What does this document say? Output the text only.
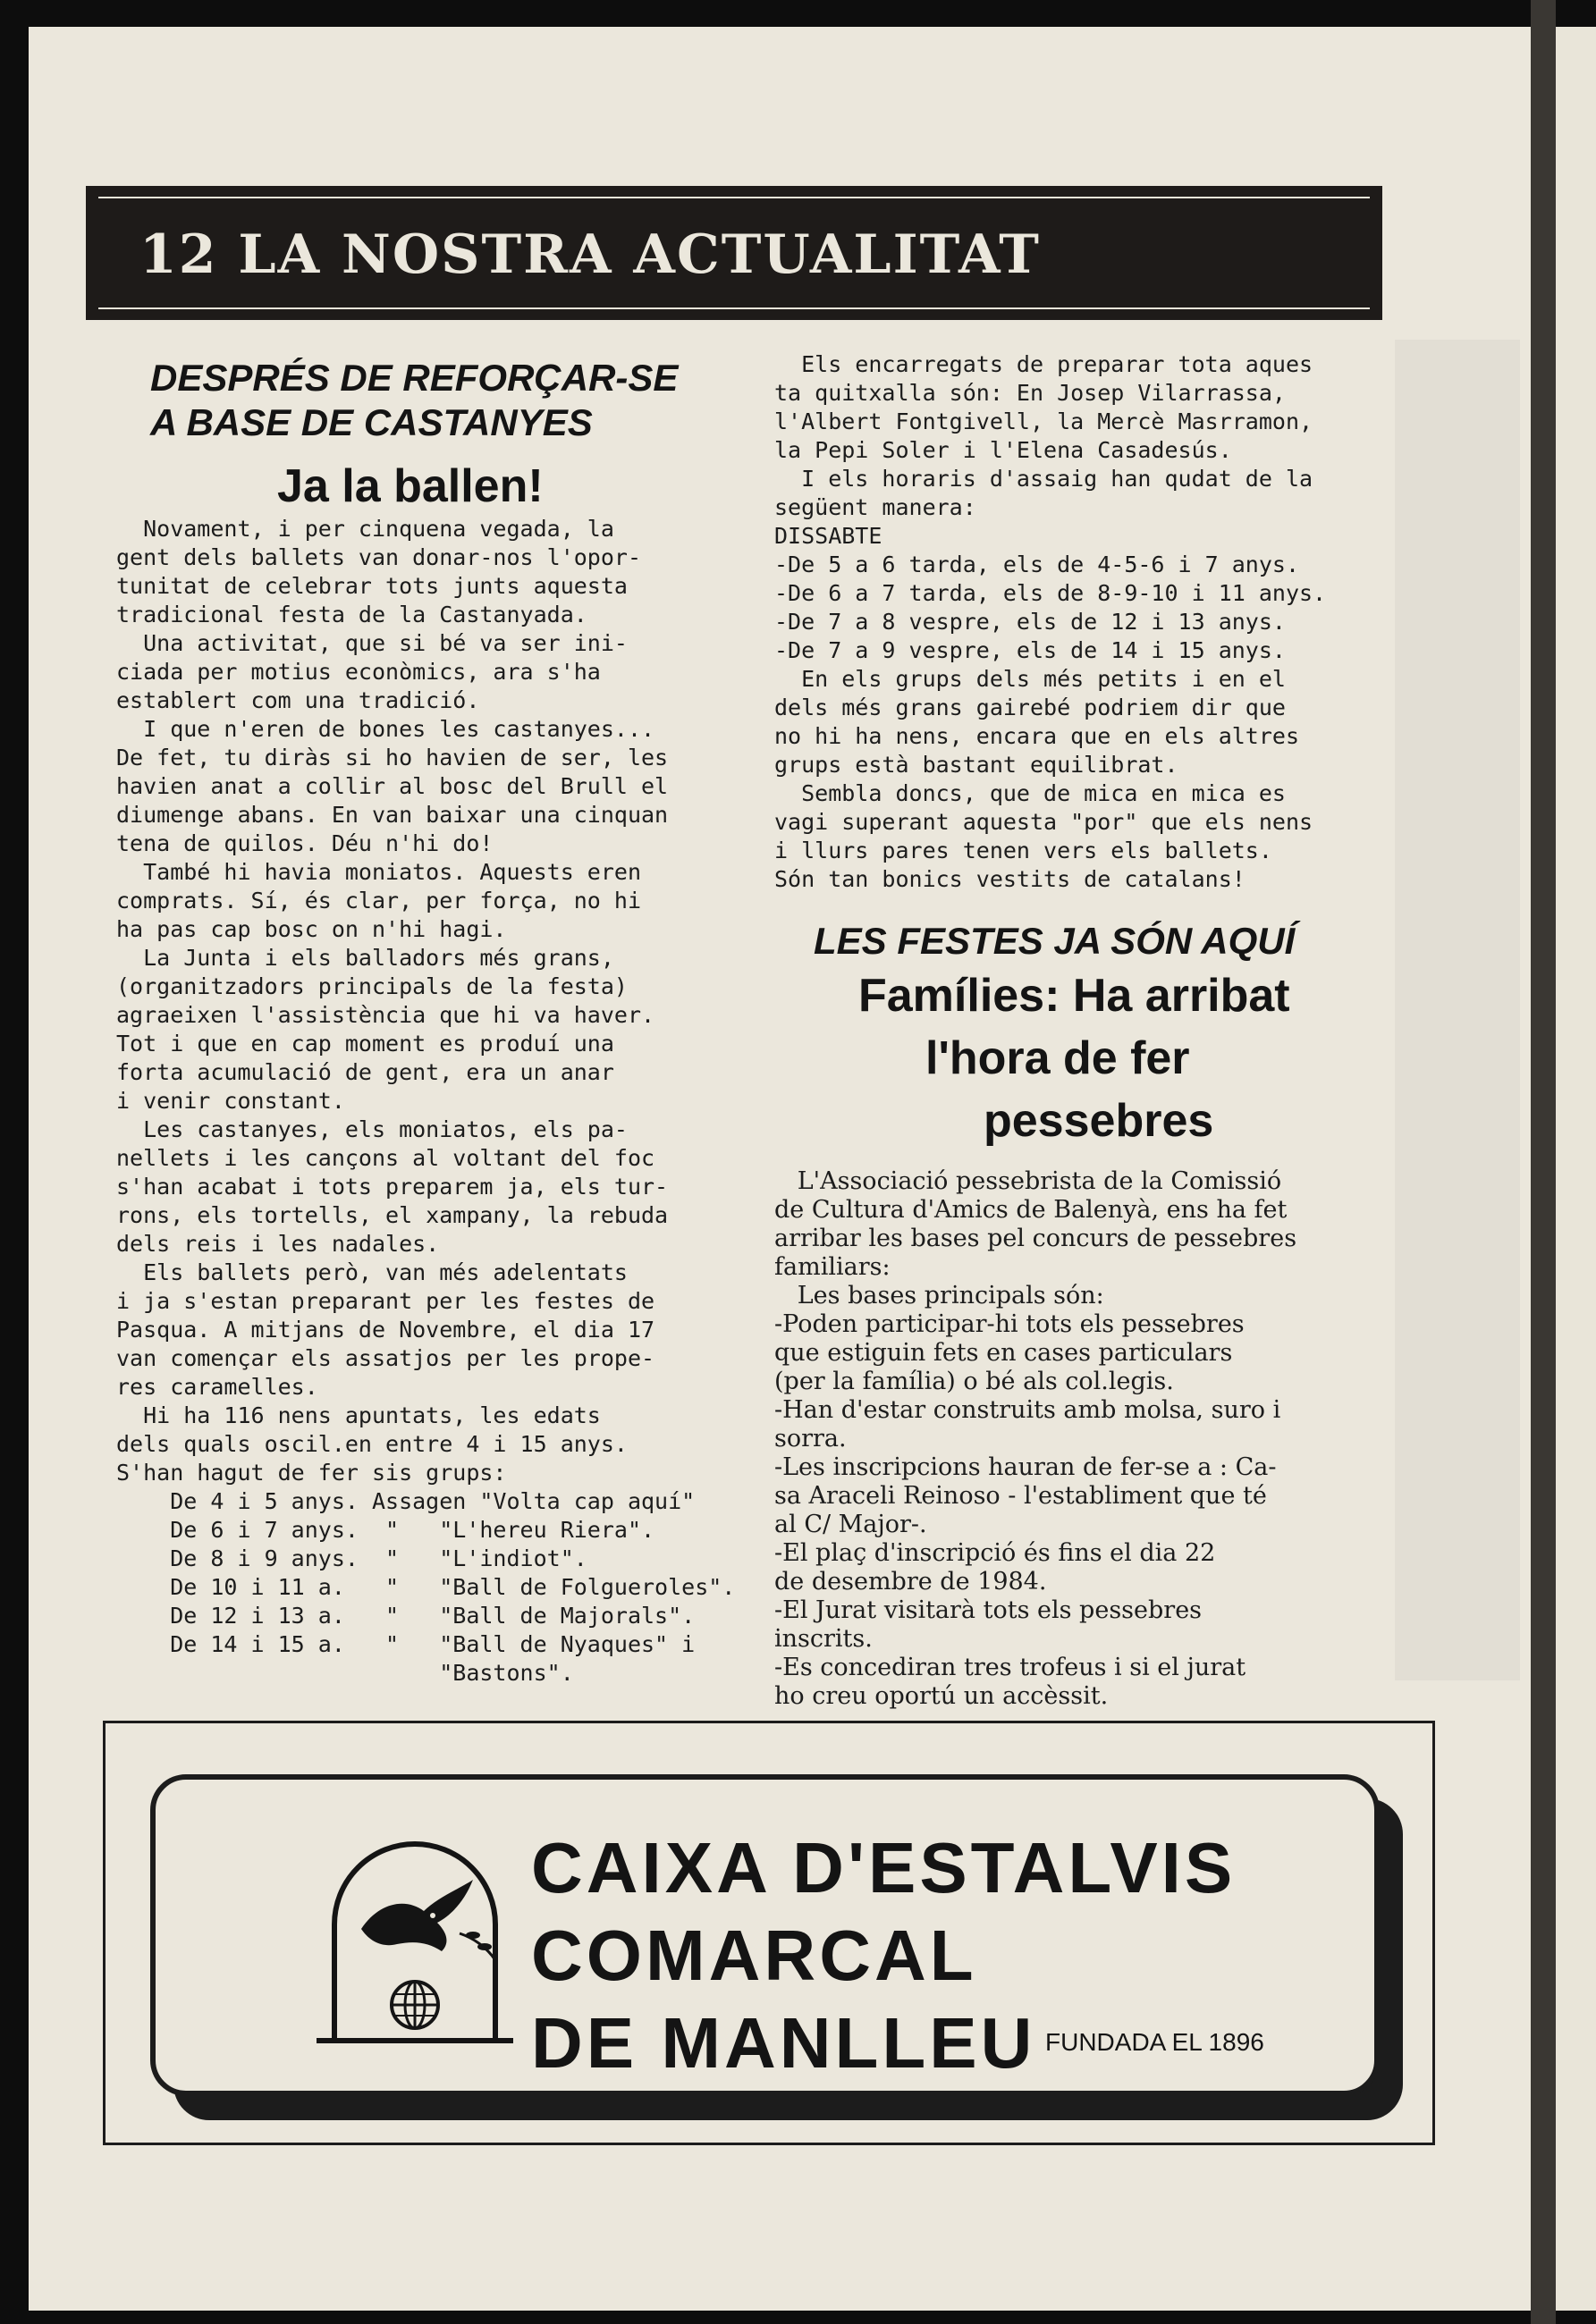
12 LA NOSTRA ACTUALITAT

DESPRÉS DE REFORÇAR-SE

A BASE DE CASTANYES

Ja la ballen!

Novament, i per cinquena vegada, la
gent dels ballets van donar-nos l'opor-
tunitat de celebrar tots junts aquesta
tradicional festa de la Castanyada.
Una activitat, que si bé va ser ini-
ciada per motius econòmics, ara s'ha
establert com una tradició.
I que n'eren de bones les castanyes...
De fet, tu diràs si ho havien de ser, les
havien anat a collir al bosc del Brull el
diumenge abans. En van baixar una cinquan
tena de quilos. Déu n'hi do!
També hi havia moniatos. Aquests eren
comprats. Sí, és clar, per força, no hi
ha pas cap bosc on n'hi hagi.
La Junta i els balladors més grans,
(organitzadors principals de la festa)
agraeixen l'assistència que hi va haver.
Tot i que en cap moment es produí una
forta acumulació de gent, era un anar
i venir constant.
Les castanyes, els moniatos, els pa-
nellets i les cançons al voltant del foc
s'han acabat i tots preparem ja, els tur-
rons, els tortells, el xampany, la rebuda
dels reis i les nadales.
Els ballets però, van més adelentats
i ja s'estan preparant per les festes de
Pasqua. A mitjans de Novembre, el dia 17
van començar els assatjos per les prope-
res caramelles.
Hi ha 116 nens apuntats, les edats
dels quals oscil.en entre 4 i 15 anys.
S'han hagut de fer sis grups:
De 4 i 5 anys. Assagen "Volta cap aquí"
De 6 i 7 anys.  "   "L'hereu Riera".
De 8 i 9 anys.  "   "L'indiot".
De 10 i 11 a.   "   "Ball de Folgueroles".
De 12 i 13 a.   "   "Ball de Majorals".
De 14 i 15 a.   "   "Ball de Nyaques" i
"Bastons".

Els encarregats de preparar tota aques
ta quitxalla són: En Josep Vilarrassa,
l'Albert Fontgivell, la Mercè Masrramon,
la Pepi Soler i l'Elena Casadesús.
I els horaris d'assaig han qudat de la
següent manera:
DISSABTE
-De 5 a 6 tarda, els de 4-5-6 i 7 anys.
-De 6 a 7 tarda, els de 8-9-10 i 11 anys.
-De 7 a 8 vespre, els de 12 i 13 anys.
-De 7 a 9 vespre, els de 14 i 15 anys.
En els grups dels més petits i en el
dels més grans gairebé podriem dir que
no hi ha nens, encara que en els altres
grups està bastant equilibrat.
Sembla doncs, que de mica en mica es
vagi superant aquesta "por" que els nens
i llurs pares tenen vers els ballets.
Són tan bonics vestits de catalans!

LES FESTES JA SÓN AQUÍ

Famílies: Ha arribat

l'hora de fer

pessebres

L'Associació pessebrista de la Comissió
de Cultura d'Amics de Balenyà, ens ha fet
arribar les bases pel concurs de pessebres
familiars:
Les bases principals són:
-Poden participar-hi tots els pessebres
que estiguin fets en cases particulars
(per la família) o bé als col.legis.
-Han d'estar construits amb molsa, suro i
sorra.
-Les inscripcions hauran de fer-se a : Ca-
sa Araceli Reinoso - l'establiment que té
al C/ Major-.
-El plaç d'inscripció és fins el dia 22
de desembre de 1984.
-El Jurat visitarà tots els pessebres
inscrits.
-Es concediran tres trofeus i si el jurat
ho creu oportú un accèssit.

CAIXA D'ESTALVIS
COMARCAL
DE MANLLEU FUNDADA EL 1896
